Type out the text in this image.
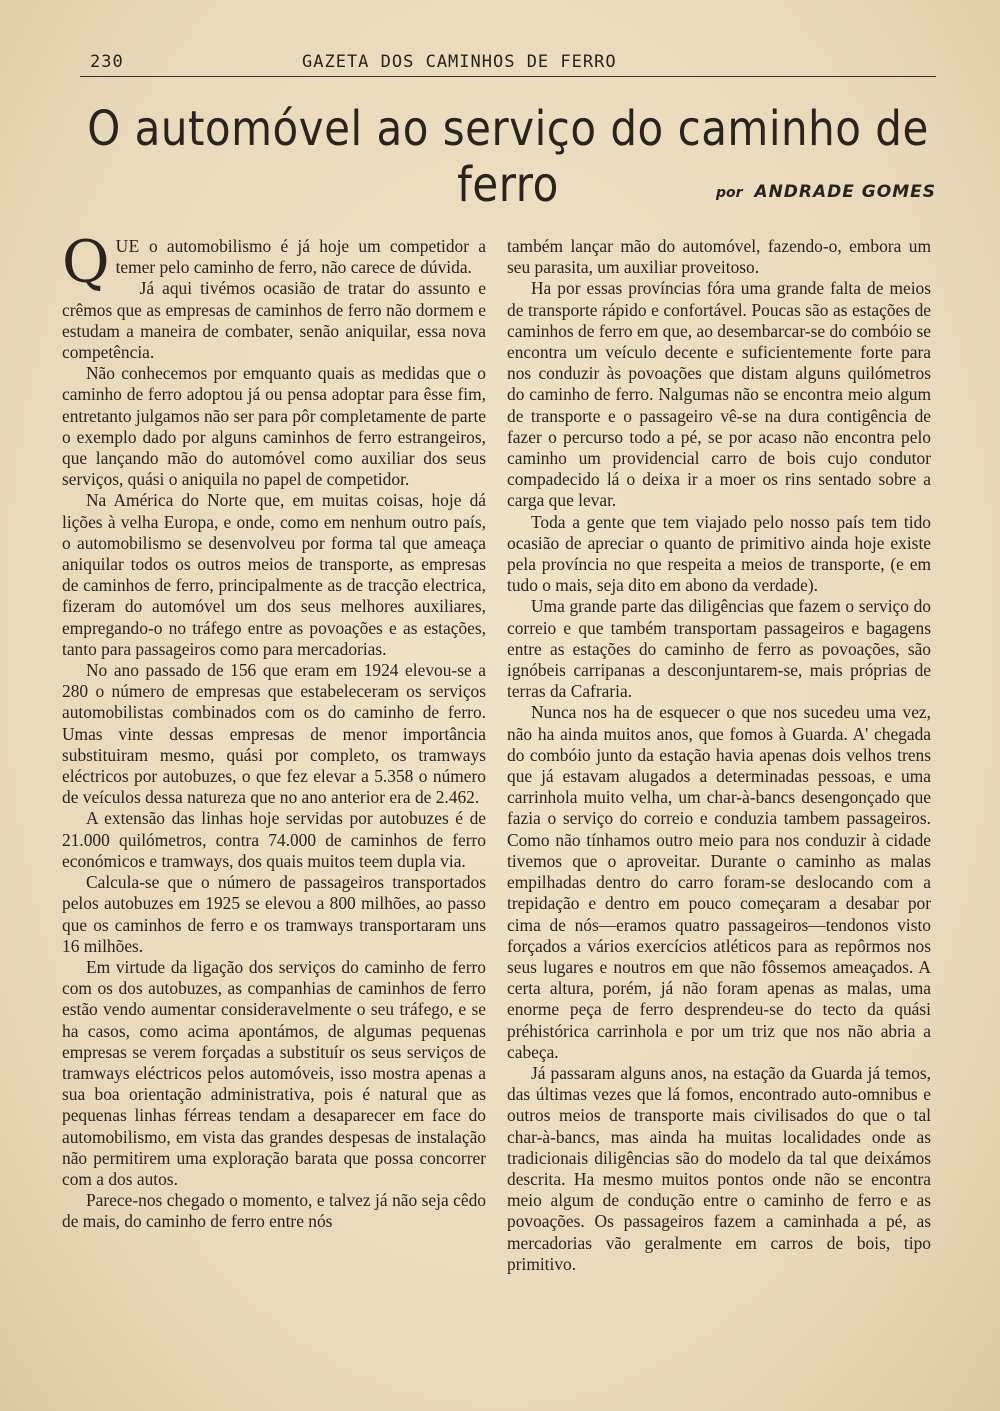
230	GAZETA DOS CAMINHOS DE FERRO
O automóvel ao serviço do caminho de ferro	por ANDRADE GOMES

QUE o automobilismo é já hoje um competidor a temer pelo caminho de ferro, não carece de dúvida.

Já aqui tivémos ocasião de tratar do assunto e crêmos que as empresas de caminhos de ferro não dormem e estudam a maneira de combater, senão aniquilar, essa nova competência.

Não conhecemos por emquanto quais as medidas que o caminho de ferro adoptou já ou pensa adoptar para êsse fim, entretanto julgamos não ser para pôr completamente de parte o exemplo dado por alguns caminhos de ferro estrangeiros, que lançando mão do automóvel como auxiliar dos seus serviços, quási o aniquila no papel de competidor.

Na América do Norte que, em muitas coisas, hoje dá lições à velha Europa, e onde, como em nenhum outro país, o automobilismo se desenvolveu por forma tal que ameaça aniquilar todos os outros meios de transporte, as empresas de caminhos de ferro, principalmente as de tracção electrica, fizeram do automóvel um dos seus melhores auxiliares, empregando-o no tráfego entre as povoações e as estações, tanto para passageiros como para mercadorias.

No ano passado de 156 que eram em 1924 elevou-se a 280 o número de empresas que estabeleceram os serviços automobilistas combinados com os do caminho de ferro. Umas vinte dessas empresas de menor importância substituiram mesmo, quási por completo, os tramways eléctricos por autobuzes, o que fez elevar a 5.358 o número de veículos dessa natureza que no ano anterior era de 2.462.

A extensão das linhas hoje servidas por autobuzes é de 21.000 quilómetros, contra 74.000 de caminhos de ferro económicos e tramways, dos quais muitos teem dupla via.

Calcula-se que o número de passageiros transportados pelos autobuzes em 1925 se elevou a 800 milhões, ao passo que os caminhos de ferro e os tramways transportaram uns 16 milhões.

Em virtude da ligação dos serviços do caminho de ferro com os dos autobuzes, as companhias de caminhos de ferro estão vendo aumentar consideravelmente o seu tráfego, e se ha casos, como acima apontámos, de algumas pequenas empresas se verem forçadas a substituír os seus serviços de tramways eléctricos pelos automóveis, isso mostra apenas a sua boa orientação administrativa, pois é natural que as pequenas linhas férreas tendam a desaparecer em face do automobilismo, em vista das grandes despesas de instalação não permitirem uma exploração barata que possa concorrer com a dos autos.

Parece-nos chegado o momento, e talvez já não seja cêdo de mais, do caminho de ferro entre nós

também lançar mão do automóvel, fazendo-o, embora um seu parasita, um auxiliar proveitoso.

Ha por essas províncias fóra uma grande falta de meios de transporte rápido e confortável. Poucas são as estações de caminhos de ferro em que, ao desembarcar-se do combóio se encontra um veículo decente e suficientemente forte para nos conduzir às povoações que distam alguns quilómetros do caminho de ferro. Nalgumas não se encontra meio algum de transporte e o passageiro vê-se na dura contigência de fazer o percurso todo a pé, se por acaso não encontra pelo caminho um providencial carro de bois cujo condutor compadecido lá o deixa ir a moer os rins sentado sobre a carga que levar.

Toda a gente que tem viajado pelo nosso país tem tido ocasião de apreciar o quanto de primitivo ainda hoje existe pela província no que respeita a meios de transporte, (e em tudo o mais, seja dito em abono da verdade).

Uma grande parte das diligências que fazem o serviço do correio e que também transportam passageiros e bagagens entre as estações do caminho de ferro as povoações, são ignóbeis carripanas a desconjuntarem-se, mais próprias de terras da Cafraria.

Nunca nos ha de esquecer o que nos sucedeu uma vez, não ha ainda muitos anos, que fomos à Guarda. A' chegada do combóio junto da estação havia apenas dois velhos trens que já estavam alugados a determinadas pessoas, e uma carrinhola muito velha, um char-à-bancs desengonçado que fazia o serviço do correio e conduzia tambem passageiros. Como não tínhamos outro meio para nos conduzir à cidade tivemos que o aproveitar. Durante o caminho as malas empilhadas dentro do carro foram-se deslocando com a trepidação e dentro em pouco começaram a desabar por cima de nós—eramos quatro passageiros—tendonos visto forçados a vários exercícios atléticos para as repôrmos nos seus lugares e noutros em que não fôssemos ameaçados. A certa altura, porém, já não foram apenas as malas, uma enorme peça de ferro desprendeu-se do tecto da quási préhistórica carrinhola e por um triz que nos não abria a cabeça.

Já passaram alguns anos, na estação da Guarda já temos, das últimas vezes que lá fomos, encontrado auto-omnibus e outros meios de transporte mais civilisados do que o tal char-à-bancs, mas ainda ha muitas localidades onde as tradicionais diligências são do modelo da tal que deixámos descrita. Ha mesmo muitos pontos onde não se encontra meio algum de condução entre o caminho de ferro e as povoações. Os passageiros fazem a caminhada a pé, as mercadorias vão geralmente em carros de bois, tipo primitivo.
